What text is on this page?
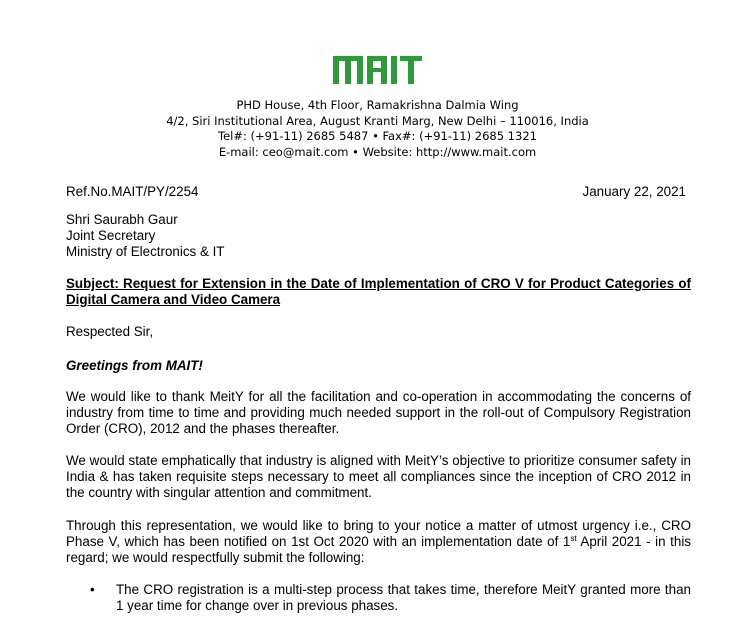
PHD House, 4th Floor, Ramakrishna Dalmia Wing
4/2, Siri Institutional Area, August Kranti Marg, New Delhi – 110016, India
Tel#: (+91-11) 2685 5487 • Fax#: (+91-11) 2685 1321
E-mail: ceo@mait.com • Website: http://www.mait.com
Ref.No.MAIT/PY/2254	January 22, 2021
Shri Saurabh Gaur
Joint Secretary
Ministry of Electronics & IT
Subject: Request for Extension in the Date of Implementation of CRO V for Product Categories of Digital Camera and Video Camera
Respected Sir,
Greetings from MAIT!
We would like to thank MeitY for all the facilitation and co-operation in accommodating the concerns of industry from time to time and providing much needed support in the roll-out of Compulsory Registration Order (CRO), 2012 and the phases thereafter.
We would state emphatically that industry is aligned with MeitY’s objective to prioritize consumer safety in India & has taken requisite steps necessary to meet all compliances since the inception of CRO 2012 in the country with singular attention and commitment.
Through this representation, we would like to bring to your notice a matter of utmost urgency i.e., CRO Phase V, which has been notified on 1st Oct 2020 with an implementation date of 1st April 2021 - in this regard; we would respectfully submit the following:
• The CRO registration is a multi-step process that takes time, therefore MeitY granted more than 1 year time for change over in previous phases.
